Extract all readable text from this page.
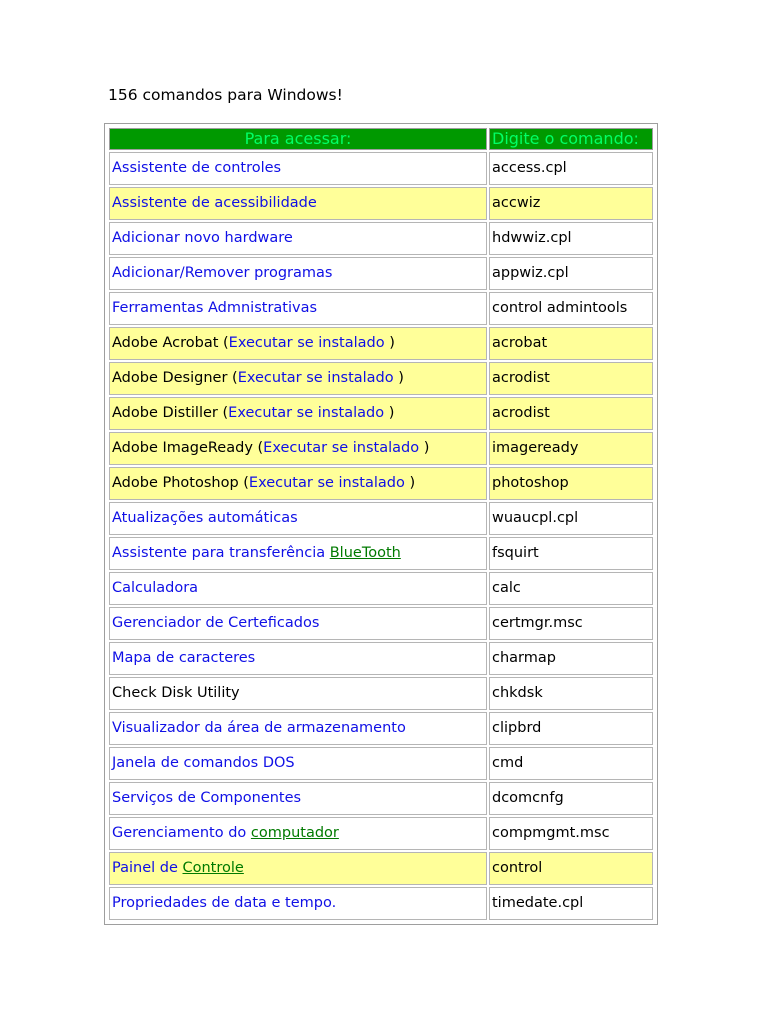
156 comandos para Windows!
Para acessar:	Digite o comando:
Assistente de controles	access.cpl
Assistente de acessibilidade	accwiz
Adicionar novo hardware	hdwwiz.cpl
Adicionar/Remover programas	appwiz.cpl
Ferramentas Admnistrativas	control admintools
Adobe Acrobat (Executar se instalado )	acrobat
Adobe Designer (Executar se instalado )	acrodist
Adobe Distiller (Executar se instalado )	acrodist
Adobe ImageReady (Executar se instalado )	imageready
Adobe Photoshop (Executar se instalado )	photoshop
Atualizações automáticas	wuaucpl.cpl
Assistente para transferência BlueTooth	fsquirt
Calculadora	calc
Gerenciador de Certeficados	certmgr.msc
Mapa de caracteres	charmap
Check Disk Utility	chkdsk
Visualizador da área de armazenamento	clipbrd
Janela de comandos DOS	cmd
Serviços de Componentes	dcomcnfg
Gerenciamento do computador	compmgmt.msc
Painel de Controle	control
Propriedades de data e tempo.	timedate.cpl
